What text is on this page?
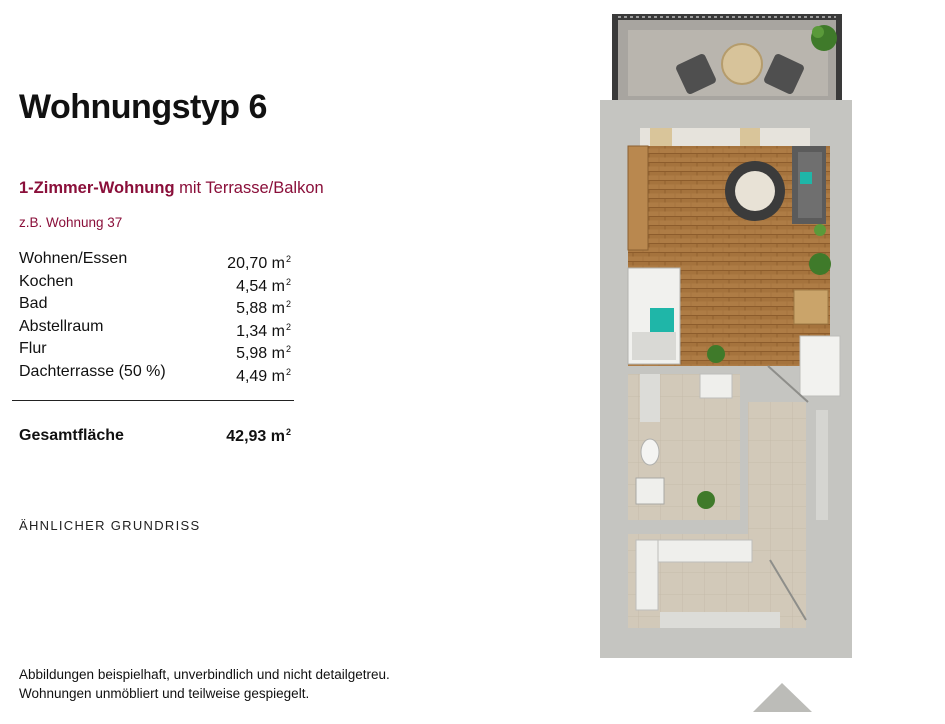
Wohnungstyp 6
1-Zimmer-Wohnung mit Terrasse/Balkon
z.B. Wohnung 37
Wohnen/Essen	20,70 $m^2$
Kochen	4,54 $m^2$
Bad	5,88 $m^2$
Abstellraum	1,34 $m^2$
Flur	5,98 $m^2$
Dachterrasse (50 %)	4,49 $m^2$
Gesamtfläche	42,93 $m^2$
ÄHNLICHER GRUNDRISS
Abbildungen beispielhaft, unverbindlich und nicht detailgetreu.
Wohnungen unmöbliert und teilweise gespiegelt.
